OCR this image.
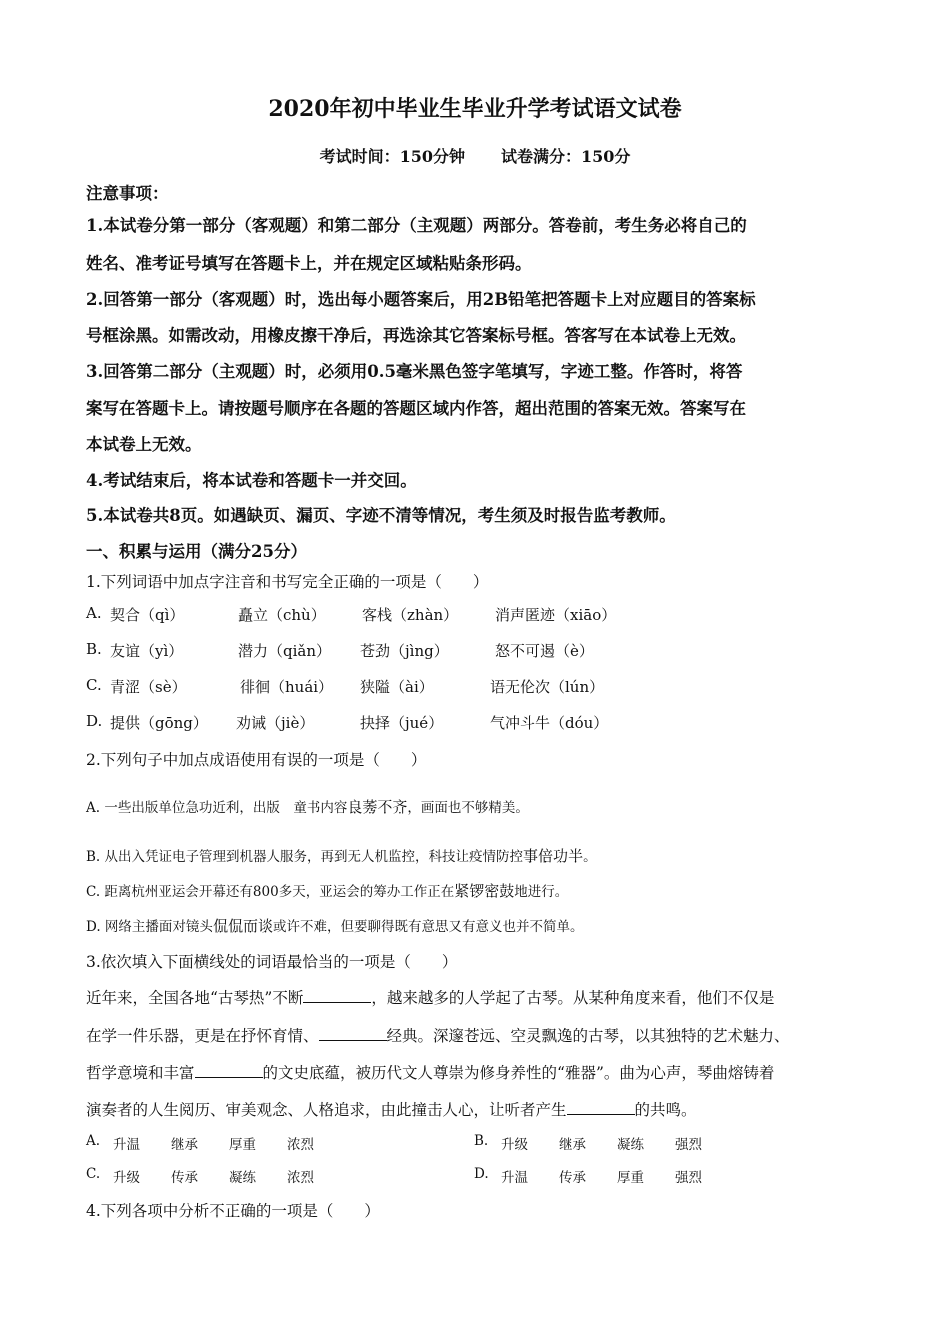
2020年初中毕业生毕业升学考试语文试卷
考试时间：150分钟 试卷满分：150分
注意事项：
1.本试卷分第一部分（客观题）和第二部分（主观题）两部分。答卷前，考生务必将自己的
姓名、准考证号填写在答题卡上，并在规定区域粘贴条形码。
2.回答第一部分（客观题）时，选出每小题答案后，用2B铅笔把答题卡上对应题目的答案标
号框涂黑。如需改动，用橡皮擦干净后，再选涂其它答案标号框。答客写在本试卷上无效。
3.回答第二部分（主观题）时，必须用0.5毫米黑色签字笔填写，字迹工整。作答时，将答
案写在答题卡上。请按题号顺序在各题的答题区域内作答，超出范围的答案无效。答案写在
本试卷上无效。
4.考试结束后，将本试卷和答题卡一并交回。
5.本试卷共8页。如遇缺页、漏页、字迹不清等情况，考生须及时报告监考教师。
一、积累与运用（满分25分）
1.下列词语中加点字注音和书写完全正确的一项是（　　）
A. 契合（qì）	矗立（chù） 客栈（zhàn） 消声匿迹（xiāo）
B. 友谊（yì）	潜力（qiǎn） 苍劲（jìng）	怒不可遏（è）
C. 青涩（sè）	徘徊（huái） 狭隘（ài）	语无伦次（lún）
D. 提供（gōng） 劝诫（jiè）	抉择（jué）	气冲斗牛（dóu）
2.下列句子中加点成语使用有误的一项是（　　）
A. 一些出版单位急功近利，出版　童书内容良莠不齐，画面也不够精美。
B. 从出入凭证电子管理到机器人服务，再到无人机监控，科技让疫情防控事倍功半。
C. 距离杭州亚运会开幕还有800多天，亚运会的筹办工作正在紧锣密鼓地进行。
D. 网络主播面对镜头侃侃而谈或许不难，但要聊得既有意思又有意义也并不简单。
3.依次填入下面横线处的词语最恰当的一项是（　　）
近年来，全国各地“古琴热”不断	，越来越多的人学起了古琴。从某种角度来看，他们不仅是
在学一件乐器，更是在抒怀育情、	经典。深邃苍远、空灵飘逸的古琴，以其独特的艺术魅力、
哲学意境和丰富	的文史底蕴，被历代文人尊崇为修身养性的“雅器”。曲为心声，琴曲熔铸着
演奏者的人生阅历、审美观念、人格追求，由此撞击人心，让听者产生	的共鸣。
A. 升温 继承 厚重 浓烈	B. 升级 继承 凝练 强烈
C. 升级 传承 凝练 浓烈	D. 升温 传承 厚重 强烈
4.下列各项中分析不正确的一项是（　　）
